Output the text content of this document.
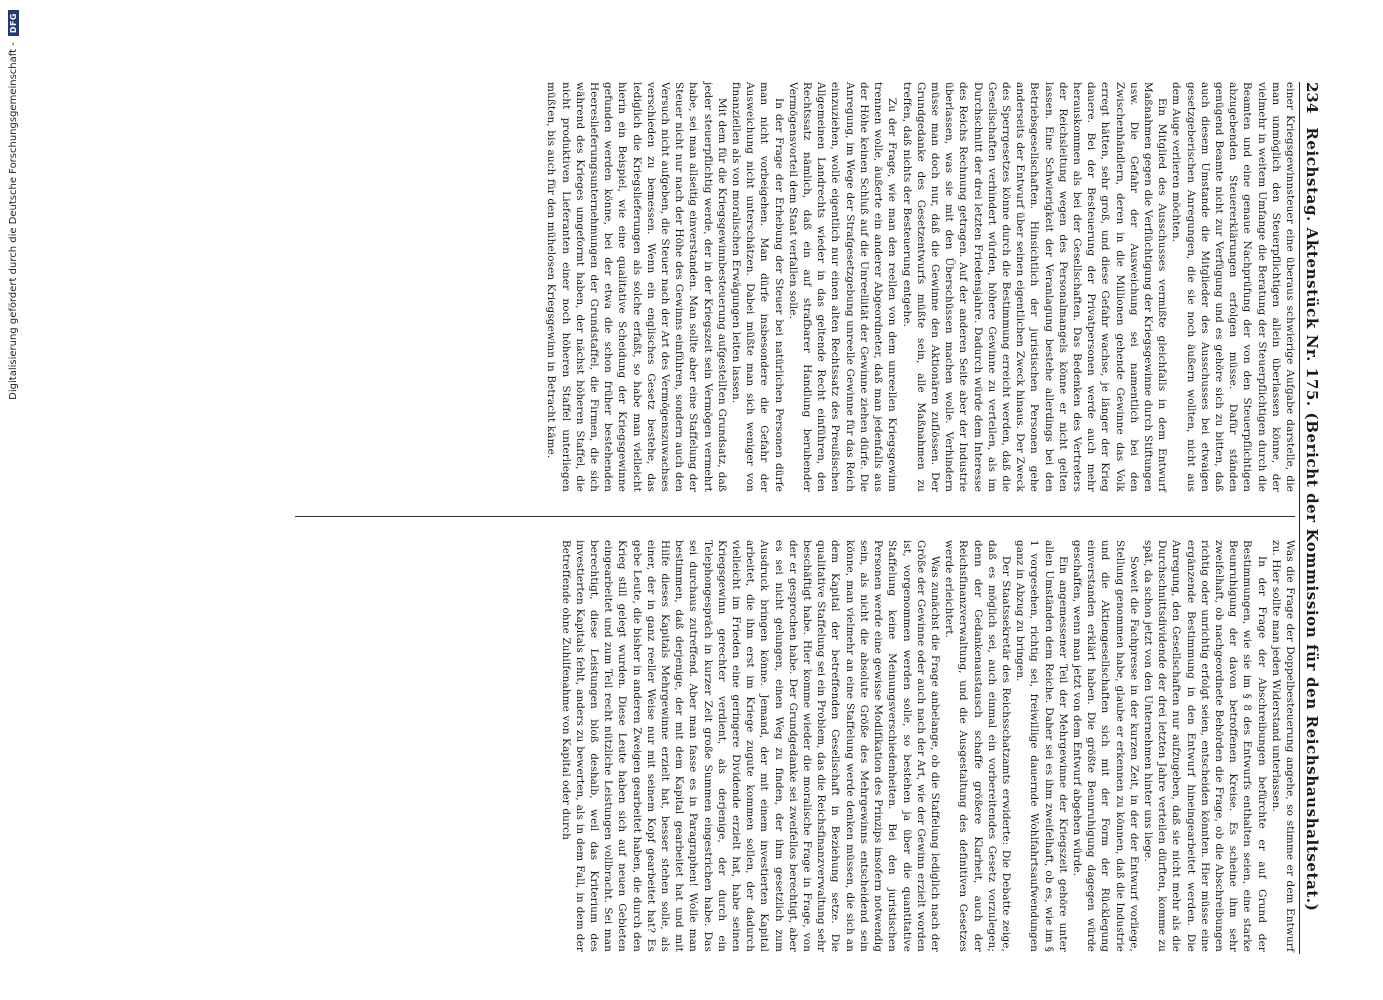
234
Reichstag. Aktenstück Nr. 175. (Bericht der Kommission für den Reichshaushaltsetat.)

einer Kriegsgewinnsteuer eine überaus schwierige Aufgabe darstelle, die man unmöglich den Steuerpflichtigen allein überlassen könne, der vielmehr in weitem Umfange die Beratung der Steuerpflichtigen durch die Beamten und eine genaue Nachprüfung der von den Steuerpflichtigen abzugebenden Steuererklärungen erfolgen müsse. Dafür ständen genügend Beamte nicht zur Verfügung und es gehöre sich zu bitten, daß auch diesem Umstande die Mitglieder des Ausschusses bei etwaigen gesetzgeberischen Anregungen, die sie noch äußern wollten, nicht aus dem Auge verlieren möchten.

Ein Mitglied des Ausschusses vermißte gleichfalls in dem Entwurf Maßnahmen gegen die Verflüchtigung der Kriegsgewinne durch Stiftungen usw. Die Gefahr der Ausweichung sei namentlich bei den Zwischenhändlern, deren in die Millionen gehende Gewinne das Volk erregt hätten, sehr groß, und diese Gefahr wachse, je länger der Krieg dauere. Bei der Besteuerung der Privatpersonen werde auch mehr herauskommen als bei der Gesellschaften. Das Bedenken des Vertreters der Reichsleitung wegen des Personalmangels könne er nicht gelten lassen. Eine Schwierigkeit der Veranlagung bestehe allerdings bei den Betriebsgesellschaften. Hinsichtlich der juristischen Personen gehe anderseits der Entwurf über seinen eigentlichen Zweck hinaus. Der Zweck des Sperrgesetzes könne durch die Bestimmung erreicht werden, daß die Gesellschaften verhindert würden, höhere Gewinne zu verteilen, als im Durchschnitt der drei letzten Friedensjahre. Dadurch würde dem Interesse des Reichs Rechnung getragen. Auf der anderen Seite aber der Industrie überlassen, was sie mit den Überschüssen machen wolle. Verhindern müsse man doch nur, daß die Gewinne den Aktionären zuflössen. Der Grundgedanke des Gesetzentwurfs müßte sein, alle Maßnahmen zu treffen, daß nichts der Besteuerung entgehe.

Zu der Frage, wie man den reellen von dem unreellen Kriegsgewinn trennen wolle, äußerte ein anderer Abgeordneter, daß man jedenfalls aus der Höhe keinen Schluß auf die Unreellität der Gewinne ziehen dürfe. Die Anregung, im Wege der Strafgesetzgebung unreelle Gewinne für das Reich einzuziehen, wolle eigentlich nur einen alten Rechtssatz des Preußischen Allgemeinen Landrechts wieder in das geltende Recht einführen, den Rechtssatz nämlich, daß ein auf strafbarer Handlung beruhender Vermögensvorteil dem Staat verfallen solle.

In der Frage der Erhebung der Steuer bei natürlichen Personen dürfe man nicht vorbeigehen. Man dürfe insbesondere die Gefahr der Ausweichung nicht unterschätzen. Dabei müßte man sich weniger von finanziellen als von moralischen Erwägungen leiten lassen.

Mit dem für die Kriegsgewinnbesteuerung aufgestellten Grundsatz, daß jeder steuerpflichtig werde, der in der Kriegszeit sein Vermögen vermehrt habe, sei man allseitig einverstanden. Man sollte aber eine Staffelung der Steuer nicht nur nach der Höhe des Gewinns einführen, sondern auch den Versuch nicht aufgeben, die Steuer nach der Art des Vermögenszuwachses verschieden zu bemessen. Wenn ein englisches Gesetz bestehe, das lediglich die Kriegslieferungen als solche erfaßt, so habe man vielleicht hierin ein Beispiel, wie eine qualitative Scheidung der Kriegsgewinne gefunden werden könne, bei der etwa die schon früher bestehenden Heereslieferungsunternehmungen der Grundstaffel, die Firmen, die sich während des Krieges umgeformt haben, der nächst höheren Staffel, die nicht produktiven Lieferanten einer noch höheren Staffel unterliegen müßten, bis auch für den mühelosen Kriegsgewinn in Betracht käme.

Was die Frage der Doppelbesteuerung angehe, so stimme er dem Entwurf zu. Hier sollte man jeden Widerstand unterlassen.

In der Frage der Abschreibungen befürchte er auf Grund der Bestimmungen, wie sie im § 8 des Entwurfs enthalten seien, eine starke Beunruhigung der davon betroffenen Kreise. Es scheine ihm sehr zweifelhaft, ob nachgeordnete Behörden die Frage, ob die Abschreibungen richtig oder unrichtig erfolgt seien, entscheiden könnten. Hier müsse eine ergänzende Bestimmung in den Entwurf hineingearbeitet werden. Die Anregung, den Gesellschaften nur aufzugeben, daß sie nicht mehr als die Durchschnittsdividende der drei letzten Jahre verteilen dürften, komme zu spät, da schon jetzt von den Unternehmen hinter uns liege.

Soweit die Fachpresse in der kurzen Zeit, in der der Entwurf vorliege, Stellung genommen habe, glaube er erkennen zu können, daß die Industrie und die Aktiengesellschaften sich mit der Form der Rücklegung einverstanden erklärt haben. Die größte Beunruhigung dagegen würde geschaffen, wenn man jetzt von dem Entwurf abgehen würde.

Ein angemessener Teil der Mehrgewinne der Kriegszeit gehöre unter allen Umständen dem Reiche. Daher sei es ihm zweifelhaft, ob es, wie im § 1 vorgesehen, richtig sei, freiwillige dauernde Wohlfahrtsaufwendungen ganz in Abzug zu bringen.

Der Staatssekretär des Reichsschatzamts erwiderte: Die Debatte zeige, daß es möglich sei, auch einmal ein vorbereitendes Gesetz vorzulegen; denn der Gedankenaustausch schaffe größere Klarheit, auch der Reichsfinanzverwaltung, und die Ausgestaltung des definitiven Gesetzes werde erleichtert.

Was zunächst die Frage anbelange, ob die Staffelung lediglich nach der Größe der Gewinne oder auch nach der Art, wie der Gewinn erzielt worden ist, vorgenommen werden solle, so bestehen ja über die quantitative Staffelung keine Meinungsverschiedenheiten. Bei den juristischen Personen werde eine gewisse Modifikation des Prinzips insofern notwendig sein, als nicht die absolute Größe des Mehrgewinns entscheidend sein könne, man vielmehr an eine Staffelung werde denken müssen, die sich an dem Kapital der betreffenden Gesellschaft in Beziehung setze. Die qualitative Staffelung sei ein Problem, das die Reichsfinanzverwaltung sehr beschäftigt habe. Hier komme wieder die moralische Frage in Frage, von der er gesprochen habe. Der Grundgedanke sei zweifellos berechtigt, aber es sei nicht gelungen, einen Weg zu finden, der ihm gesetzlich zum Ausdruck bringen könne. Jemand, der mit einem investierten Kapital arbeitet, die ihm erst im Kriege zugute kommen sollen, der dadurch vielleicht im Frieden eine geringere Dividende erzielt hat, habe seinen Kriegsgewinn gerechter verdient, als derjenige, der durch ein Telephongespräch in kurzer Zeit große Summen eingestrichen habe. Das sei durchaus zutreffend. Aber man fasse es in Paragraphen! Wolle man bestimmen, daß derjenige, der mit dem Kapital gearbeitet hat und mit Hilfe dieses Kapitals Mehrgewinne erzielt hat, besser stehen solle, als einer, der in ganz reeller Weise nur mit seinem Kopf gearbeitet hat? Es gebe Leute, die bisher in anderen Zweigen gearbeitet haben, die durch den Krieg still gelegt wurden. Diese Leute haben sich auf neuen Gebieten eingearbeitet und zum Teil recht nützliche Leistungen vollbracht. Sei man berechtigt, diese Leistungen bloß deshalb, weil das Kriterium des investierten Kapitals fehlt, anders zu bewerten, als in dem Fall, in dem der Betreffende ohne Zuhilfenahme von Kapital oder durch

Digitalisierung gefördert durch die Deutsche Forschungsgemeinschaft -
DFG
